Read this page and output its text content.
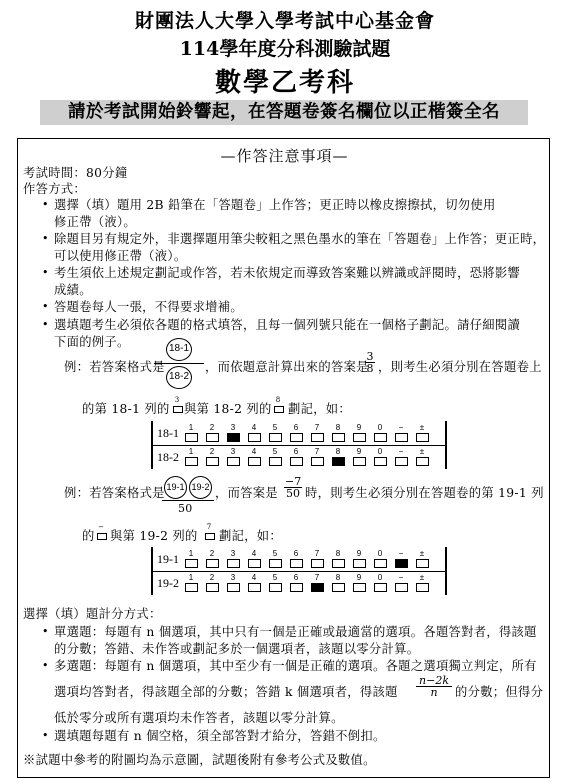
財團法人大學入學考試中心基金會
114學年度分科測驗試題
數學乙考科
請於考試開始鈴響起，在答題卷簽名欄位以正楷簽全名
—作答注意事項—
考試時間：80分鐘
作答方式：
• 選擇（填）題用 2B 鉛筆在「答題卷」上作答；更正時以橡皮擦擦拭，切勿使用
修正帶（液）。
• 除題目另有規定外，非選擇題用筆尖較粗之黑色墨水的筆在「答題卷」上作答；更正時，
可以使用修正帶（液）。
• 考生須依上述規定劃記或作答，若未依規定而導致答案難以辨識或評閱時，恐將影響
成績。
• 答題卷每人一張，不得要求增補。
• 選填題考生必須依各題的格式填答，且每一個列號只能在一個格子劃記。請仔細閱讀
下面的例子。
例：若答案格式是
18-1
18-2
，而依題意計算出來的答案是
$\frac{3}{8}$ ，則考生必須分別在答題卷上
的第 18-1 列的
3
與第 18-2 列的
8
劃記，如：
18-1	1	2	3	4	5	6	7	8	9	0	−	±
18-2	1	2	3	4	5	6	7	8	9	0	−	±
例：若答案格式是 19-1 19-2
50
，而答案是 $\frac{-7}{50}$ 時，則考生必須分別在答題卷的第 19-1 列
的
−
與第 19-2 列的
7
劃記，如：
19-1	1	2	3	4	5	6	7	8	9	0	−	±
19-2	1	2	3	4	5	6	7	8	9	0	−	±
選擇（填）題計分方式：
• 單選題：每題有 n 個選項，其中只有一個是正確或最適當的選項。各題答對者，得該題
的分數；答錯、未作答或劃記多於一個選項者，該題以零分計算。
• 多選題：每題有 n 個選項，其中至少有一個是正確的選項。各題之選項獨立判定，所有
選項均答對者，得該題全部的分數；答錯 k 個選項者，得該題 $\frac{n-2k}{n}$ 的分數；但得分
低於零分或所有選項均未作答者，該題以零分計算。
• 選填題每題有 n 個空格，須全部答對才給分，答錯不倒扣。
※試題中參考的附圖均為示意圖，試題後附有參考公式及數值。
